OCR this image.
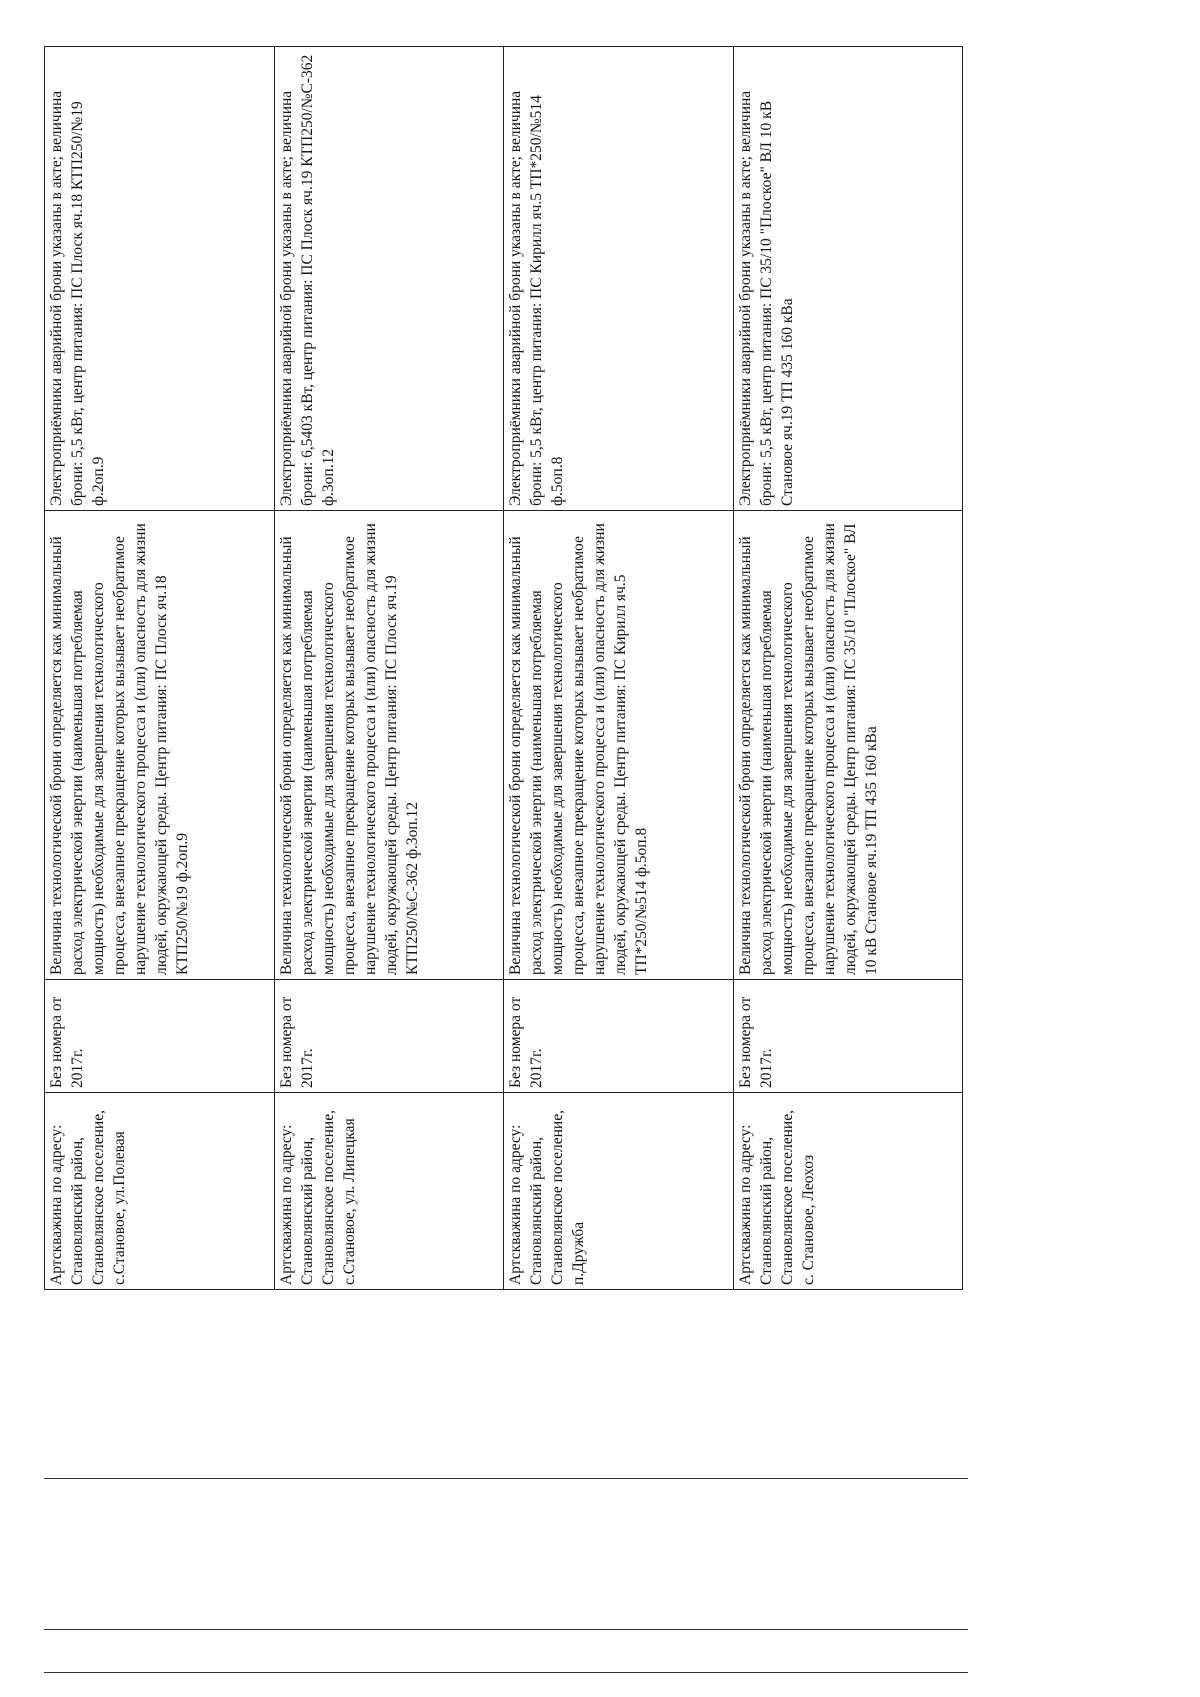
Артскважина по адресу: Становлянский район, Становлянское поселение, с.Становое, ул.Полевая	Без номера от 2017г.	Величина технологической брони определяется как минимальный расход электрической энергии (наименьшая потребляемая мощность) необходимые для завершения технологического процесса, внезапное прекращение которых вызывает необратимое нарушение технологического процесса и (или) опасность для жизни людей, окружающей среды. Центр питания: ПС Плоск яч.18 КТП250/№19 ф.2оп.9	Электроприёмники аварийной брони указаны в акте; величина брони: 5,5 кВт, центр питания: ПС Плоск яч.18 КТП250/№19 ф.2оп.9
Артскважина по адресу: Становлянский район, Становлянское поселение, с.Становое, ул. Липецкая	Без номера от 2017г.	Величина технологической брони определяется как минимальный расход электрической энергии (наименьшая потребляемая мощность) необходимые для завершения технологического процесса, внезапное прекращение которых вызывает необратимое нарушение технологического процесса и (или) опасность для жизни людей, окружающей среды. Центр питания: ПС Плоск яч.19 КТП250/№С-362 ф.3оп.12	Электроприёмники аварийной брони указаны в акте; величина брони: 6,5403 кВт, центр питания: ПС Плоск яч.19 КТП250/№С-362 ф.3оп.12
Артскважина по адресу: Становлянский район, Становлянское поселение, п.Дружба	Без номера от 2017г.	Величина технологической брони определяется как минимальный расход электрической энергии (наименьшая потребляемая мощность) необходимые для завершения технологического процесса, внезапное прекращение которых вызывает необратимое нарушение технологического процесса и (или) опасность для жизни людей, окружающей среды. Центр питания: ПС Кирилл яч.5 ТП*250/№514 ф.5оп.8	Электроприёмники аварийной брони указаны в акте; величина брони: 5,5 кВт, центр питания: ПС Кирилл яч.5 ТП*250/№514 ф.5оп.8
Артскважина по адресу: Становлянский район, Становлянское поселение, с. Становое, Леохоз	Без номера от 2017г.	Величина технологической брони определяется как минимальный расход электрической энергии (наименьшая потребляемая мощность) необходимые для завершения технологического процесса, внезапное прекращение которых вызывает необратимое нарушение технологического процесса и (или) опасность для жизни людей, окружающей среды. Центр питания: ПС 35/10 "Плоское" ВЛ 10 кВ Становое яч.19 ТП 435 160 кВа	Электроприёмники аварийной брони указаны в акте; величина брони: 5,5 кВт, центр питания: ПС 35/10 "Плоское" ВЛ 10 кВ Становое яч.19 ТП 435 160 кВа
